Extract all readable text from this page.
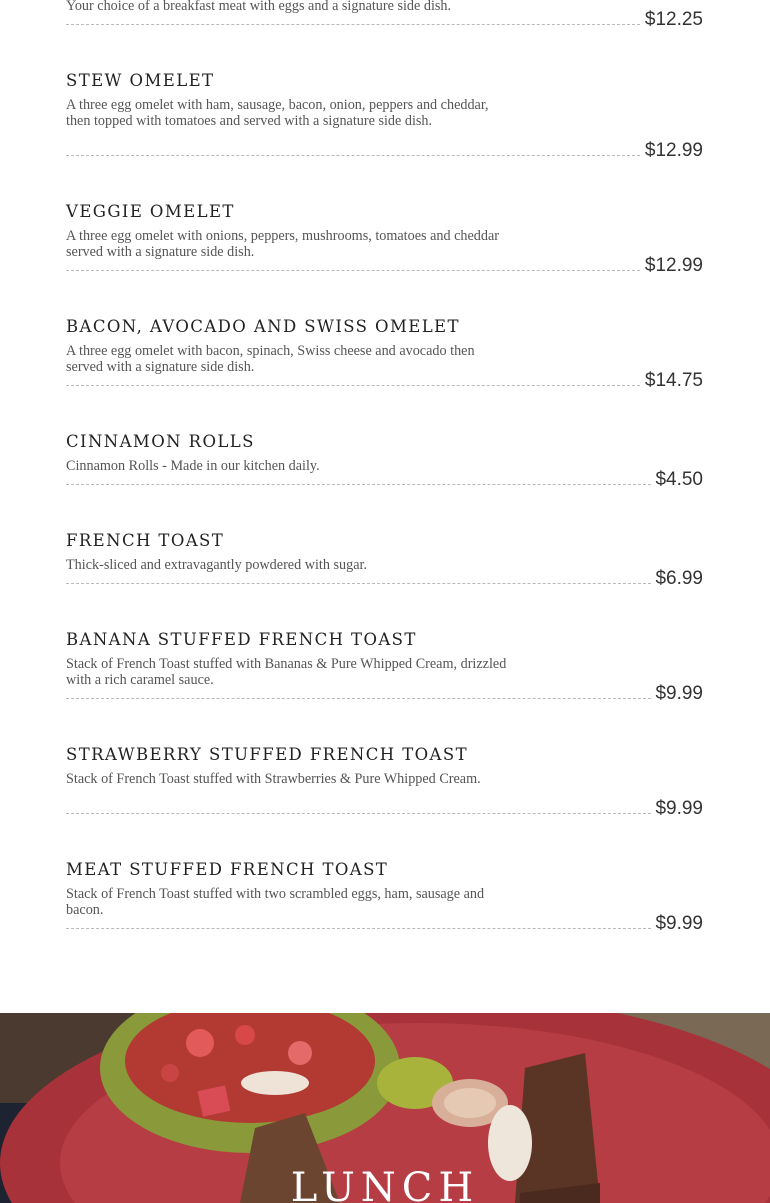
Your choice of a breakfast meat with eggs and a signature side dish.
$12.25
STEW OMELET
A three egg omelet with ham, sausage, bacon, onion, peppers and cheddar, then topped with tomatoes and served with a signature side dish.
$12.99
VEGGIE OMELET
A three egg omelet with onions, peppers, mushrooms, tomatoes and cheddar served with a signature side dish.
$12.99
BACON, AVOCADO AND SWISS OMELET
A three egg omelet with bacon, spinach, Swiss cheese and avocado then served with a signature side dish.
$14.75
CINNAMON ROLLS
Cinnamon Rolls - Made in our kitchen daily.
$4.50
FRENCH TOAST
Thick-sliced and extravagantly powdered with sugar.
$6.99
BANANA STUFFED FRENCH TOAST
Stack of French Toast stuffed with Bananas & Pure Whipped Cream, drizzled with a rich caramel sauce.
$9.99
STRAWBERRY STUFFED FRENCH TOAST
Stack of French Toast stuffed with Strawberries & Pure Whipped Cream.
$9.99
MEAT STUFFED FRENCH TOAST
Stack of French Toast stuffed with two scrambled eggs, ham, sausage and bacon.
$9.99
LUNCH
